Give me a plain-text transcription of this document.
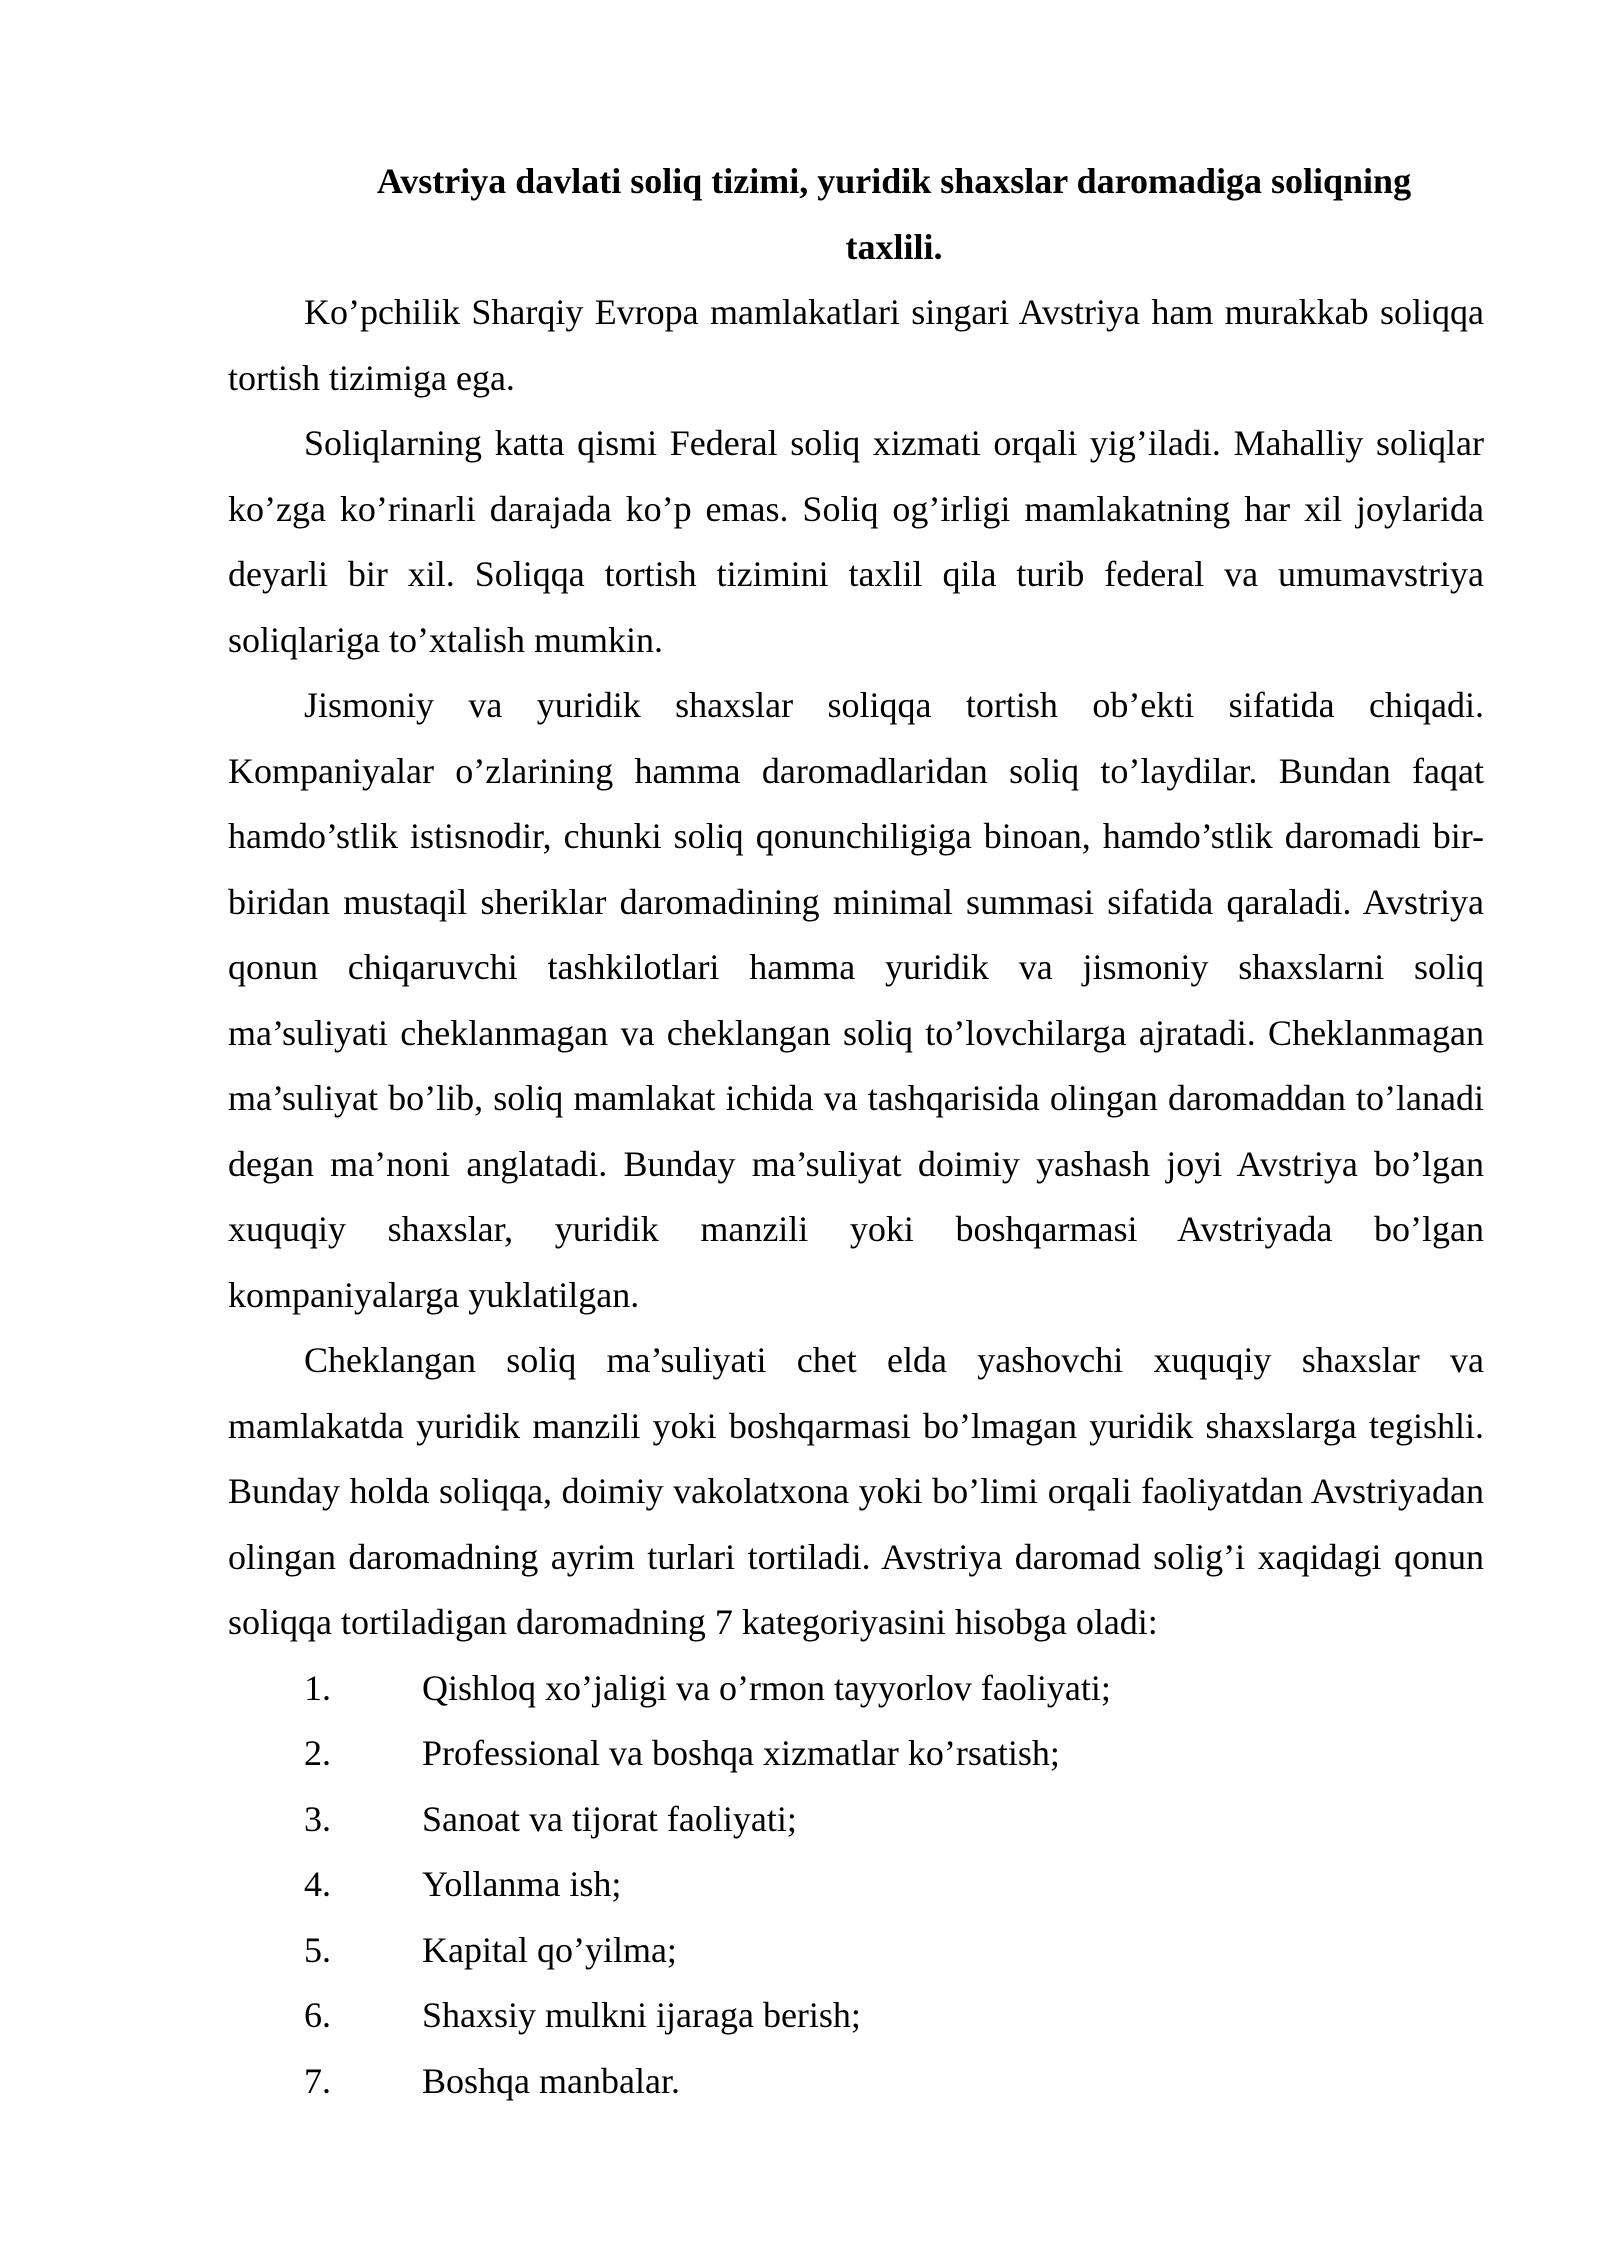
Avstriya davlati soliq tizimi, yuridik shaxslar daromadiga soliqning
taxlili.

Ko’pchilik Sharqiy Evropa mamlakatlari singari Avstriya ham murakkab soliqqa tortish tizimiga ega.

Soliqlarning katta qismi Federal soliq xizmati orqali yig’iladi. Mahalliy soliqlar ko’zga ko’rinarli darajada ko’p emas. Soliq og’irligi mamlakatning har xil joylarida deyarli bir xil. Soliqqa tortish tizimini taxlil qila turib federal va umumavstriya soliqlariga to’xtalish mumkin.

Jismoniy va yuridik shaxslar soliqqa tortish ob’ekti sifatida chiqadi. Kompaniyalar o’zlarining hamma daromadlaridan soliq to’laydilar. Bundan faqat hamdo’stlik istisnodir, chunki soliq qonunchiligiga binoan, hamdo’stlik daromadi bir-biridan mustaqil sheriklar daromadining minimal summasi sifatida qaraladi. Avstriya qonun chiqaruvchi tashkilotlari hamma yuridik va jismoniy shaxslarni soliq ma’suliyati cheklanmagan va cheklangan soliq to’lovchilarga ajratadi. Cheklanmagan ma’suliyat bo’lib, soliq mamlakat ichida va tashqarisida olingan daromaddan to’lanadi degan ma’noni anglatadi. Bunday ma’suliyat doimiy yashash joyi Avstriya bo’lgan xuquqiy shaxslar, yuridik manzili yoki boshqarmasi Avstriyada bo’lgan kompaniyalarga yuklatilgan.

Cheklangan soliq ma’suliyati chet elda yashovchi xuquqiy shaxslar va mamlakatda yuridik manzili yoki boshqarmasi bo’lmagan yuridik shaxslarga tegishli. Bunday holda soliqqa, doimiy vakolatxona yoki bo’limi orqali faoliyatdan Avstriyadan olingan daromadning ayrim turlari tortiladi. Avstriya daromad solig’i xaqidagi qonun soliqqa tortiladigan daromadning 7 kategoriyasini hisobga oladi:

1.	Qishloq xo’jaligi va o’rmon tayyorlov faoliyati;
2.	Professional va boshqa xizmatlar ko’rsatish;
3.	Sanoat va tijorat faoliyati;
4.	Yollanma ish;
5.	Kapital qo’yilma;
6.	Shaxsiy mulkni ijaraga berish;
7.	Boshqa manbalar.
